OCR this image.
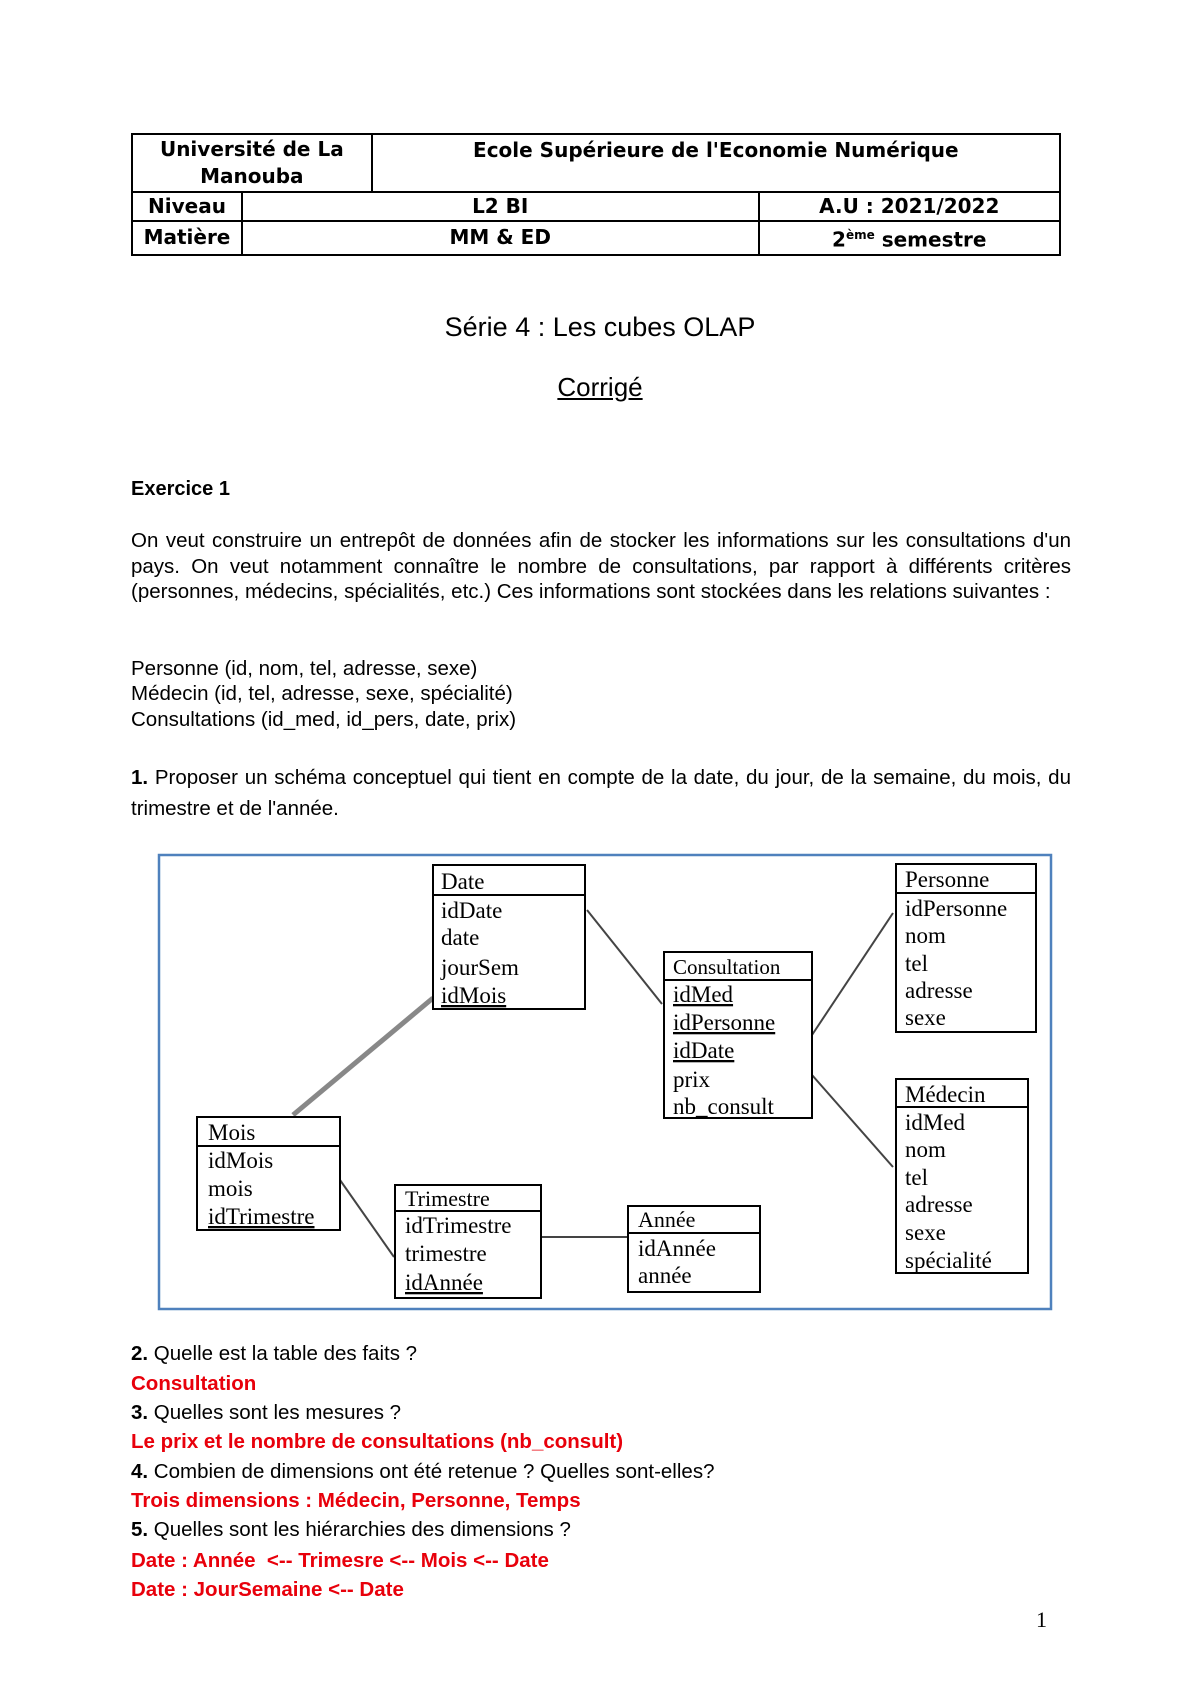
Université de La Manouba		Ecole Supérieure de l'Economie Numérique	
Niveau	L2 BI		A.U : 2021/2022
Matière	MM & ED		2ème semestre
Série 4 : Les cubes OLAP
Corrigé
Exercice 1

On veut construire un entrepôt de données afin de stocker les informations sur les consultations d'un pays. On veut notamment connaître le nombre de consultations, par rapport à différents critères (personnes, médecins, spécialités, etc.) Ces informations sont stockées dans les relations suivantes :

Personne (id, nom, tel, adresse, sexe)
Médecin (id, tel, adresse, sexe, spécialité)
Consultations (id_med, id_pers, date, prix)
1. Proposer un schéma conceptuel qui tient en compte de la date, du jour, de la semaine, du mois, du trimestre et de l'année.
Date
idDate
date
jourSem
idMois
Consultation
idMed
idPersonne
idDate
prix
nb_consult
Personne
idPersonne
nom
tel
adresse
sexe
Médecin
idMed
nom
tel
adresse
sexe
spécialité
Mois
idMois
mois
idTrimestre
Trimestre
idTrimestre
trimestre
idAnnée
Année
idAnnée
année
2. Quelle est la table des faits ?
Consultation
3. Quelles sont les mesures ?
Le prix et le nombre de consultations (nb_consult)
4. Combien de dimensions ont été retenue ? Quelles sont-elles?
Trois dimensions : Médecin, Personne, Temps
5. Quelles sont les hiérarchies des dimensions ?
Date : Année  <-- Trimesre <-- Mois <-- Date
Date : JourSemaine <-- Date
1
